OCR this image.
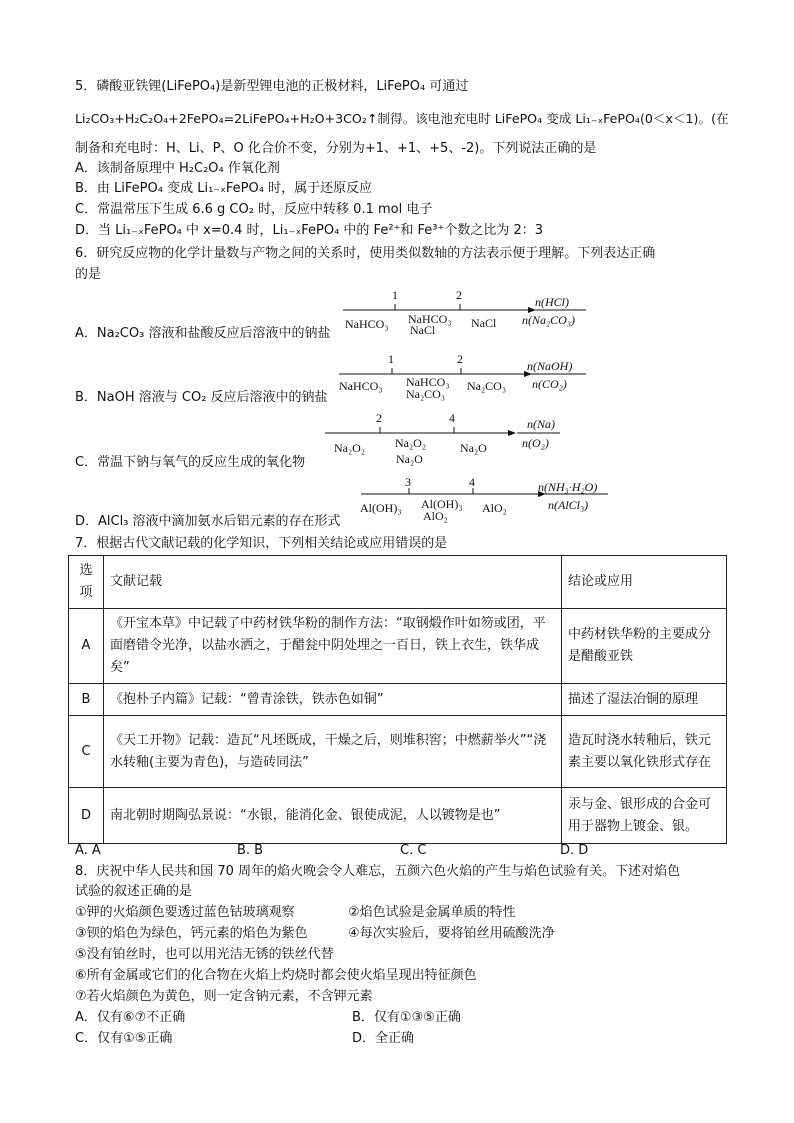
5．磷酸亚铁锂(LiFePO₄)是新型锂电池的正极材料，LiFePO₄ 可通过
Li₂CO₃+H₂C₂O₄+2FePO₄=2LiFePO₄+H₂O+3CO₂↑制得。该电池充电时 LiFePO₄ 变成 Li₁₋ₓFePO₄(0＜x＜1)。(在
制备和充电时：H、Li、P、O 化合价不变，分别为+1、+1、+5、-2)。下列说法正确的是
A．该制备原理中 H₂C₂O₄ 作氧化剂
B．由 LiFePO₄ 变成 Li₁₋ₓFePO₄ 时，属于还原反应
C．常温常压下生成 6.6 g CO₂ 时，反应中转移 0.1 mol 电子
D．当 Li₁₋ₓFePO₄ 中 x=0.4 时，Li₁₋ₓFePO₄ 中的 Fe²⁺和 Fe³⁺个数之比为 2：3
6．研究反应物的化学计量数与产物之间的关系时，使用类似数轴的方法表示便于理解。下列表达正确
的是
A．Na₂CO₃ 溶液和盐酸反应后溶液中的钠盐
B．NaOH 溶液与 CO₂ 反应后溶液中的钠盐
C．常温下钠与氧气的反应生成的氧化物
D．AlCl₃ 溶液中滴加氨水后铝元素的存在形式
1	2
NaHCO₃ NaHCO₃
NaCl	NaCl
n(HCl)
n(Na₂CO₃)
1	2
NaHCO₃ NaHCO₃
Na₂CO₃
Na₂CO₃
n(NaOH)
n(CO₂)
2	4
Na₂O₂ Na₂O₂
Na₂O
Na₂O
n(Na)
n(O₂)
3	4
Al(OH)₃ Al(OH)₃
AlO₂
AlO₂
n(NH₃·H₂O)
n(AlCl₃)
7．根据古代文献记载的化学知识，下列相关结论或应用错误的是
选项	文献记载	结论或应用
A	《开宝本草》中记载了中药材铁华粉的制作方法：“取钢煅作叶如笏或团，平面磨错令光净，以盐水洒之，于醋瓮中阴处埋之一百日，铁上衣生，铁华成矣”	中药材铁华粉的主要成分是醋酸亚铁
B	《抱朴子内篇》记载：“曾青涂铁，铁赤色如铜”	描述了湿法冶铜的原理
C	《天工开物》记载：造瓦“凡坯既成，干燥之后，则堆积窖；中燃薪举火”“浇水转釉(主要为青色)，与造砖同法”	造瓦时浇水转釉后，铁元素主要以氧化铁形式存在
D	南北朝时期陶弘景说：“水银，能消化金、银使成泥，人以镀物是也”	汞与金、银形成的合金可用于器物上镀金、银。
A. A	B. B	C. C	D. D
8．庆祝中华人民共和国 70 周年的焰火晚会令人难忘，五颜六色火焰的产生与焰色试验有关。下述对焰色
试验的叙述正确的是
①钾的火焰颜色要透过蓝色钴玻璃观察	②焰色试验是金属单质的特性
③钡的焰色为绿色，钙元素的焰色为紫色	④每次实验后，要将铂丝用硫酸洗净
⑤没有铂丝时，也可以用光洁无锈的铁丝代替
⑥所有金属或它们的化合物在火焰上灼烧时都会使火焰呈现出特征颜色
⑦若火焰颜色为黄色，则一定含钠元素，不含钾元素
A．仅有⑥⑦不正确	B．仅有①③⑤正确
C．仅有①⑤正确	D．全正确
